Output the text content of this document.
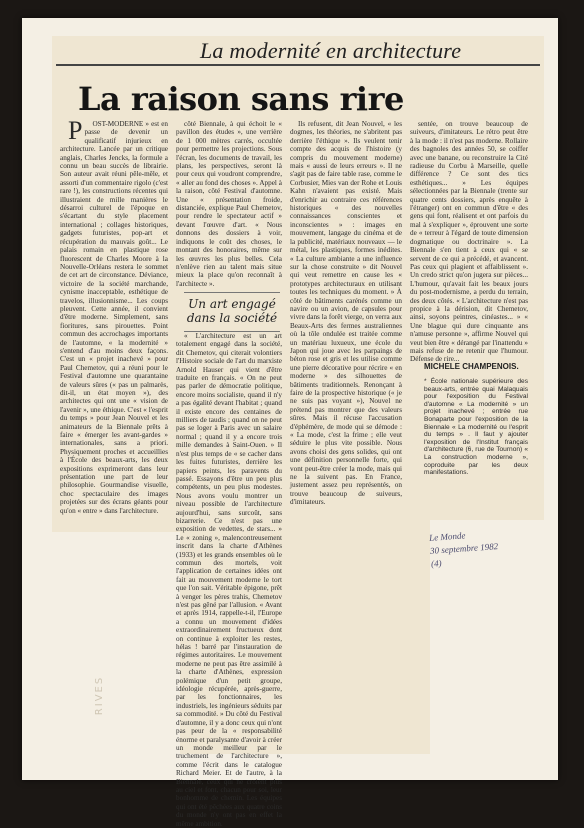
La modernité en architecture
La raison sans rire

P OST-MODERNE » est en passe de devenir un qualificatif injurieux en architecture. Lancée par un critique anglais, Charles Jencks, la formule a connu un beau succès de librairie. Son auteur avait réuni pêle-mêle, et assorti d'un commentaire rigolo (c'est rare !), les constructions récentes qui illustraient de mille manières le désarroi culturel de l'époque en s'écartant du style placement international ; collages historiques, gadgets futuristes, pop-art et récupération du mauvais goût... Le palais romain en plastique rose fluorescent de Charles Moore à la Nouvelle-Orléans restera le sommet de cet art de circonstance. Déviance, victoire de la société marchande, cynisme inacceptable, esthétique de travelos, illusionnisme... Les coups pleuvent. Cette année, il convient d'être moderne. Simplement, sans fioritures, sans pirouettes. Point commun des accrochages importants de l'automne, « la modernité » s'entend d'au moins deux façons. C'est un « projet inachevé » pour Paul Chemetov, qui a réuni pour le Festival d'automne une quarantaine de valeurs sûres (« pas un palmarès, dit-il, un état moyen »), des architectes qui ont une « vision de l'avenir », une éthique. C'est « l'esprit du temps » pour Jean Nouvel et les animateurs de la Biennale prêts à faire « émerger les avant-gardes » internationales, sans a priori. Physiquement proches et accueillies à l'École des beaux-arts, les deux expositions exprimeront dans leur présentation une part de leur philosophie. Gourmandise visuelle, choc spectaculaire des images projetées sur des écrans géants pour qu'on « entre » dans l'architecture.

côté Biennale, à qui échoit le « pavillon des études », une verrière de 1 000 mètres carrés, occultée pour permettre les projections. Sous l'écran, les documents de travail, les plans, les perspectives, seront là pour ceux qui voudront comprendre, « aller au fond des choses ». Appel à la raison, côté Festival d'automne. Une « présentation froide, distanciée, explique Paul Chemetov, pour rendre le spectateur actif » devant l'œuvre d'art. « Nous donnons des dossiers à voir, indiquons le coût des choses, le montant des honoraires, même sur les œuvres les plus belles. Cela n'enlève rien au talent mais situe mieux la place qu'on reconnaît à l'architecte ».

Un art engagé dans la société

« L'architecture est un art totalement engagé dans la société, dit Chemetov, qui citerait volontiers l'Histoire sociale de l'art du marxiste Arnold Hauser qui vient d'être traduite en français. « On ne peut pas parler de démocratie politique, encore moins socialiste, quand il n'y a pas égalité devant l'habitat ; quand il existe encore des centaines de milliers de taudis ; quand on ne peut pas se loger à Paris avec un salaire normal ; quand il y a encore trois mille demandes à Saint-Ouen. » Il n'est plus temps de « se cacher dans les fuites futuristes, derrière les papiers peints, les paravents du passé. Essayons d'être un peu plus compétents, un peu plus modestes. Nous avons voulu montrer un niveau possible de l'architecture aujourd'hui, sans surcoût, sans bizarrerie. Ce n'est pas une exposition de vedettes, de stars... » Le « zoning », malencontreusement inscrit dans la charte d'Athènes (1933) et les grands ensembles où le commun des mortels, voit l'application de certaines idées ont fait au mouvement moderne le tort que l'on sait. Véritable épigone, prêt à venger les pères trahis, Chemetov n'est pas gêné par l'allusion. « Avant et après 1914, rappelle-t-il, l'Europe a connu un mouvement d'idées extraordinairement fructueux dont on continue à exploiter les restes, hélas ! barré par l'instauration de régimes autoritaires. Le mouvement moderne ne peut pas être assimilé à la charte d'Athènes, expression polémique d'un petit groupe, idéologie récupérée, après-guerre, par les fonctionnaires, les industriels, les ingénieurs séduits par sa commodité. » Du côté du Festival d'automne, il y a donc ceux qui n'ont pas peur de la « responsabilité énorme et paralysante d'avoir à créer un monde meilleur par le truchement de l'architecture », comme l'écrit dans le catalogue Richard Meier. Et de l'autre, à la Biennale, ceux qui ne croient plus au ciel et font, chacun pour soi, leur bonhomme de chemin. Les équipes qui ont été pêchées aux quatre coins du monde n'y ont pas en effet la même ambition.

Ils refusent, dit Jean Nouvel, « les dogmes, les théories, ne s'abritent pas derrière l'éthique ». Ils veulent tenir compte des acquis de l'histoire (y compris du mouvement moderne) mais « aussi de leurs erreurs ». Il ne s'agit pas de faire table rase, comme le Corbusier, Mies van der Rohe et Louis Kahn n'avaient pas existé. Mais d'enrichir au contraire ces références historiques « des nouvelles connaissances conscientes et inconscientes » : images en mouvement, langage du cinéma et de la publicité, matériaux nouveaux — le métal, les plastiques, formes inédites. « La culture ambiante a une influence sur la chose construite » dit Nouvel qui veut remettre en cause les « prototypes architecturaux en utilisant toutes les techniques du moment. » À côté de bâtiments carénés comme un navire ou un avion, de capsules pour vivre dans la forêt vierge, on verra aux Beaux-Arts des fermes australiennes où la tôle ondulée est traitée comme un matériau luxueux, une école du Japon qui joue avec les parpaings de béton rose et gris et les utilise comme une pierre décorative pour récrire « en moderne » des silhouettes de bâtiments traditionnels. Renonçant à faire de la prospective historique (« je ne suis pas voyant »), Nouvel ne prétend pas montrer que des valeurs sûres. Mais il récuse l'accusation d'éphémère, de mode qui se démode : « La mode, c'est la frime ; elle veut séduire le plus vite possible. Nous avons choisi des gens solides, qui ont une définition personnelle forte, qui vont peut-être créer la mode, mais qui ne la suivent pas. En France, justement assez peu représentés, on trouve beaucoup de suiveurs, d'imitateurs.

sentée, on trouve beaucoup de suiveurs, d'imitateurs. Le rétro peut être à la mode : il n'est pas moderne. Rollaire des bagnoles des années 50, se coiffer avec une banane, ou reconstruire la Cité radieuse du Corbu à Marseille, quelle différence ? Ce sont des tics esthétiques... » Les équipes sélectionnées par la Biennale (trente sur quatre cents dossiers, après enquête à l'étranger) ont en commun d'être « des gens qui font, réalisent et ont parfois du mal à s'expliquer », éprouvent une sorte de « terreur à l'égard de toute dimension dogmatique ou doctrinaire ». La Biennale s'en tient à ceux qui « se servent de ce qui a précédé, et avancent. Pas ceux qui plagient et affaiblissent ». Un credo strict qu'on jugera sur pièces... L'humour, qu'avait fait les beaux jours du post-modernisme, a perdu du terrain, des deux côtés. « L'architecture n'est pas propice à la dérision, dit Chemetov, ainsi, soyons peintres, cinéastes... » « Une blague qui dure cinquante ans n'amuse personne », affirme Nouvel qui veut bien être « dérangé par l'inattendu » mais refuse de ne retenir que l'humour. Défense de rire...

MICHELE CHAMPENOIS.

* École nationale supérieure des beaux-arts, entrée quai Malaquais pour l'exposition du Festival d'automne « La modernité » un projet inachevé ; entrée rue Bonaparte pour l'exposition de la Biennale « La modernité ou l'esprit du temps » . Il faut y ajouter l'exposition de l'Institut français d'architecture (6, rue de Tournon) « La construction moderne », coproduite par les deux manifestations.

Le Monde
30 septembre 1982
(4)
RIVES
